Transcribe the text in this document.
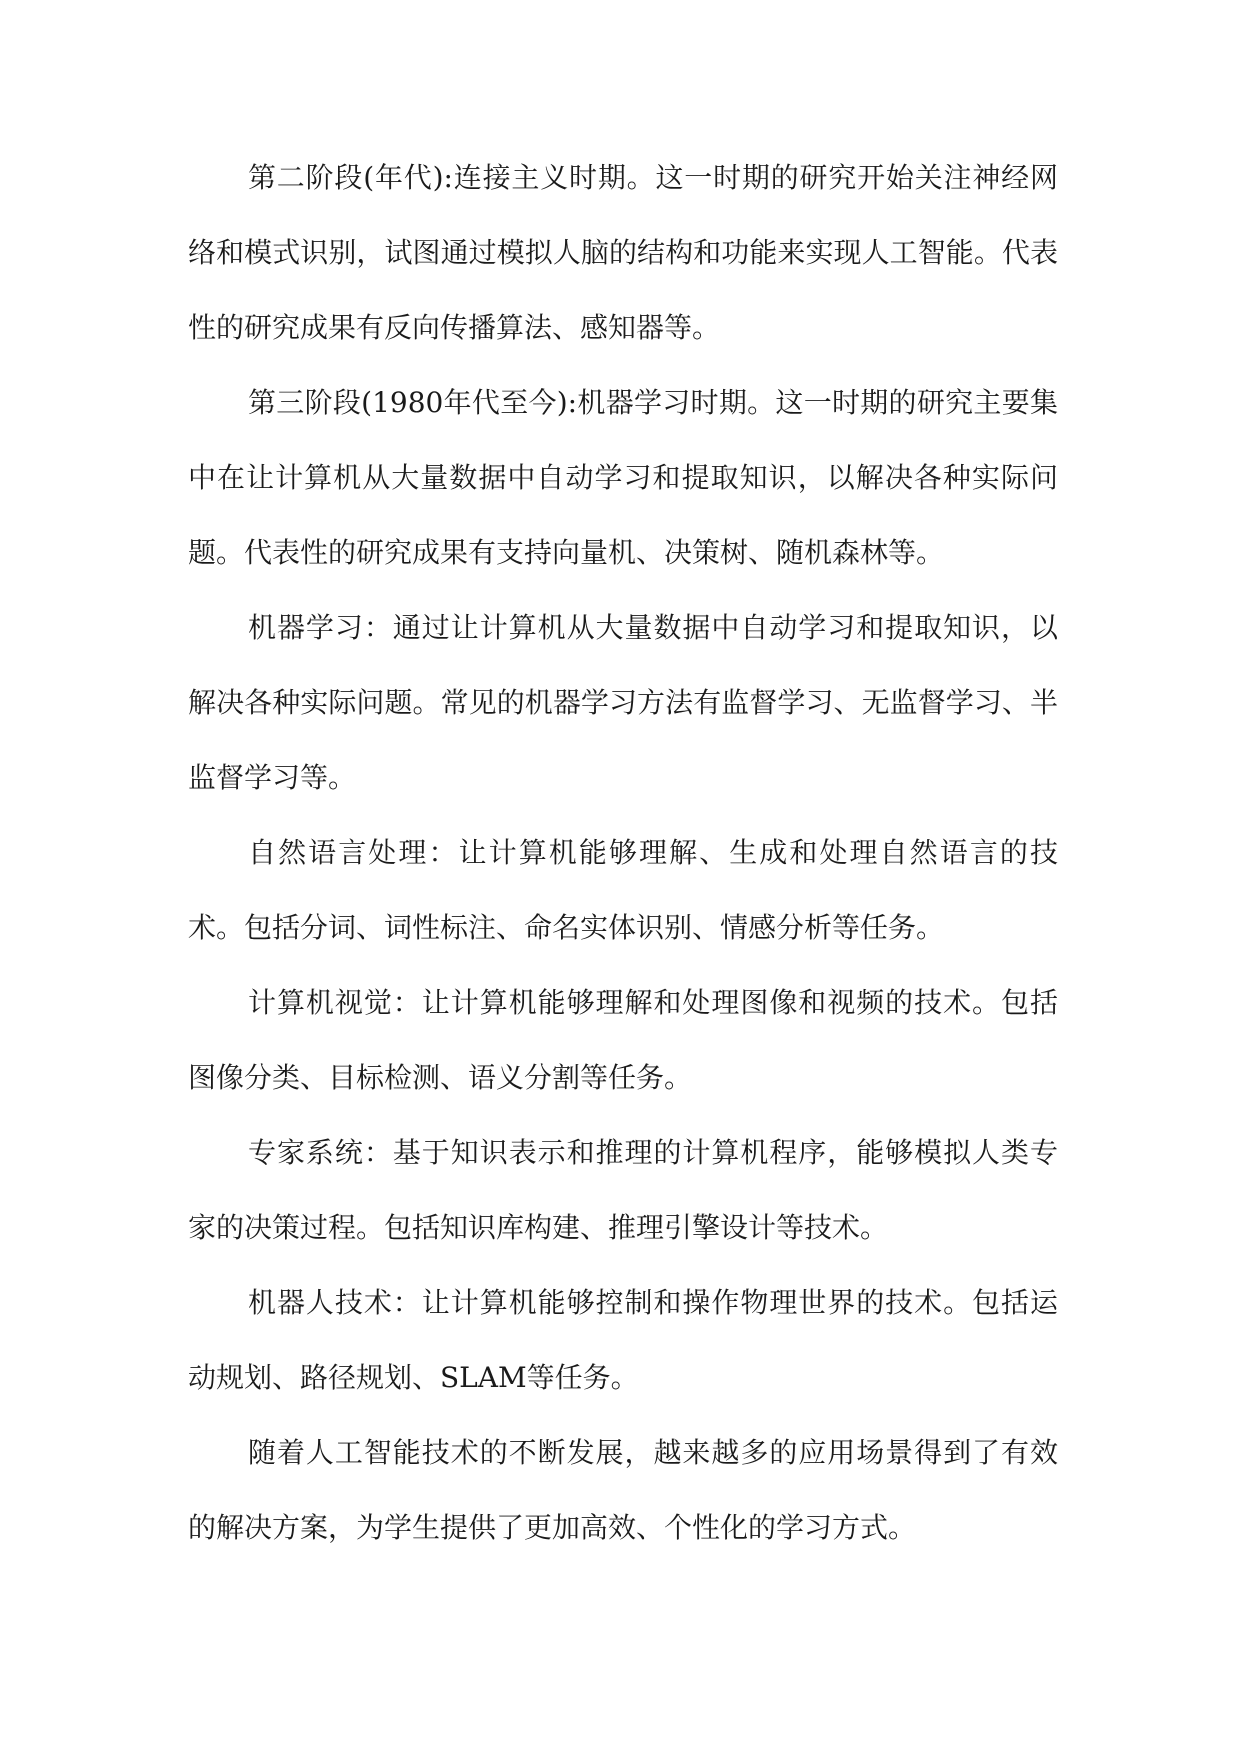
第二阶段(年代):连接主义时期。这一时期的研究开始关注神经网络和模式识别，试图通过模拟人脑的结构和功能来实现人工智能。代表性的研究成果有反向传播算法、感知器等。

第三阶段(1980年代至今):机器学习时期。这一时期的研究主要集中在让计算机从大量数据中自动学习和提取知识，以解决各种实际问题。代表性的研究成果有支持向量机、决策树、随机森林等。

机器学习：通过让计算机从大量数据中自动学习和提取知识，以解决各种实际问题。常见的机器学习方法有监督学习、无监督学习、半监督学习等。

自然语言处理：让计算机能够理解、生成和处理自然语言的技术。包括分词、词性标注、命名实体识别、情感分析等任务。

计算机视觉：让计算机能够理解和处理图像和视频的技术。包括图像分类、目标检测、语义分割等任务。

专家系统：基于知识表示和推理的计算机程序，能够模拟人类专家的决策过程。包括知识库构建、推理引擎设计等技术。

机器人技术：让计算机能够控制和操作物理世界的技术。包括运动规划、路径规划、SLAM等任务。

随着人工智能技术的不断发展，越来越多的应用场景得到了有效的解决方案，为学生提供了更加高效、个性化的学习方式。
